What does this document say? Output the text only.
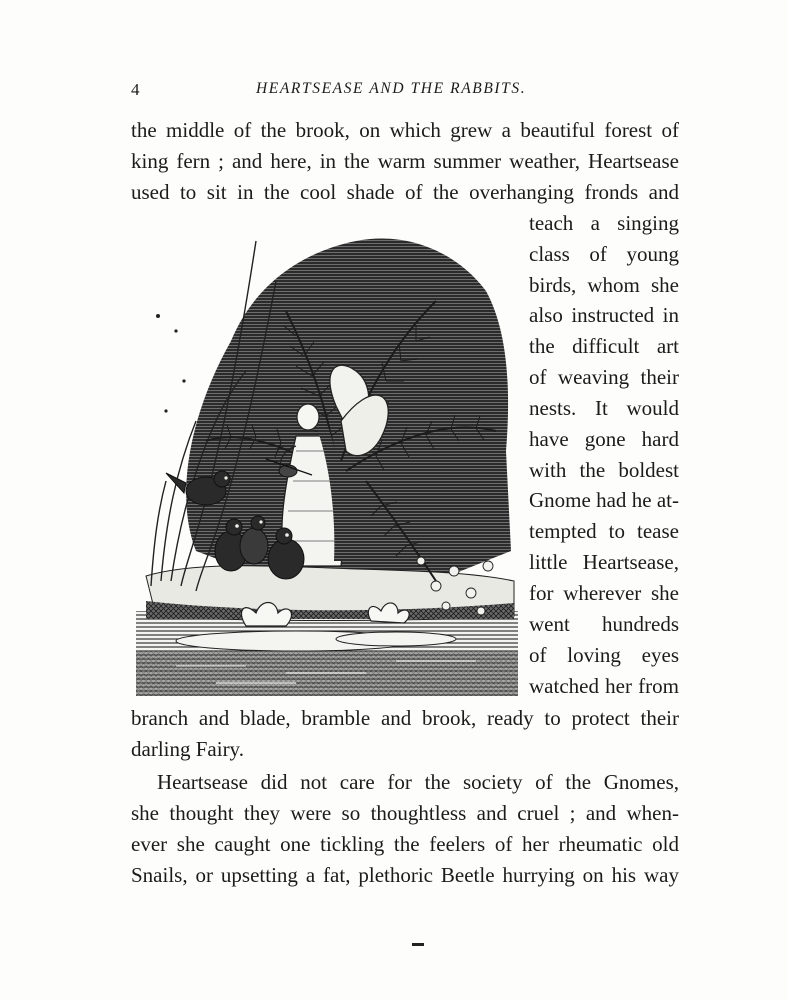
4	HEARTSEASE AND THE RABBITS.
the middle of the brook, on which grew a beautiful forest of
king fern ; and here, in the warm summer weather, Heartsease
used to sit in the cool shade of the overhanging fronds and
teach a singing
class of young
birds, whom she
also instructed in
the difficult art
of weaving their
nests. It would
have gone hard
with the boldest
Gnome had he at-
tempted to tease
little Heartsease,
for wherever she
went hundreds
of loving eyes
watched her from
branch and blade, bramble and brook, ready to protect their
darling Fairy.
Heartsease did not care for the society of the Gnomes,
she thought they were so thoughtless and cruel ; and when-
ever she caught one tickling the feelers of her rheumatic old
Snails, or upsetting a fat, plethoric Beetle hurrying on his way
